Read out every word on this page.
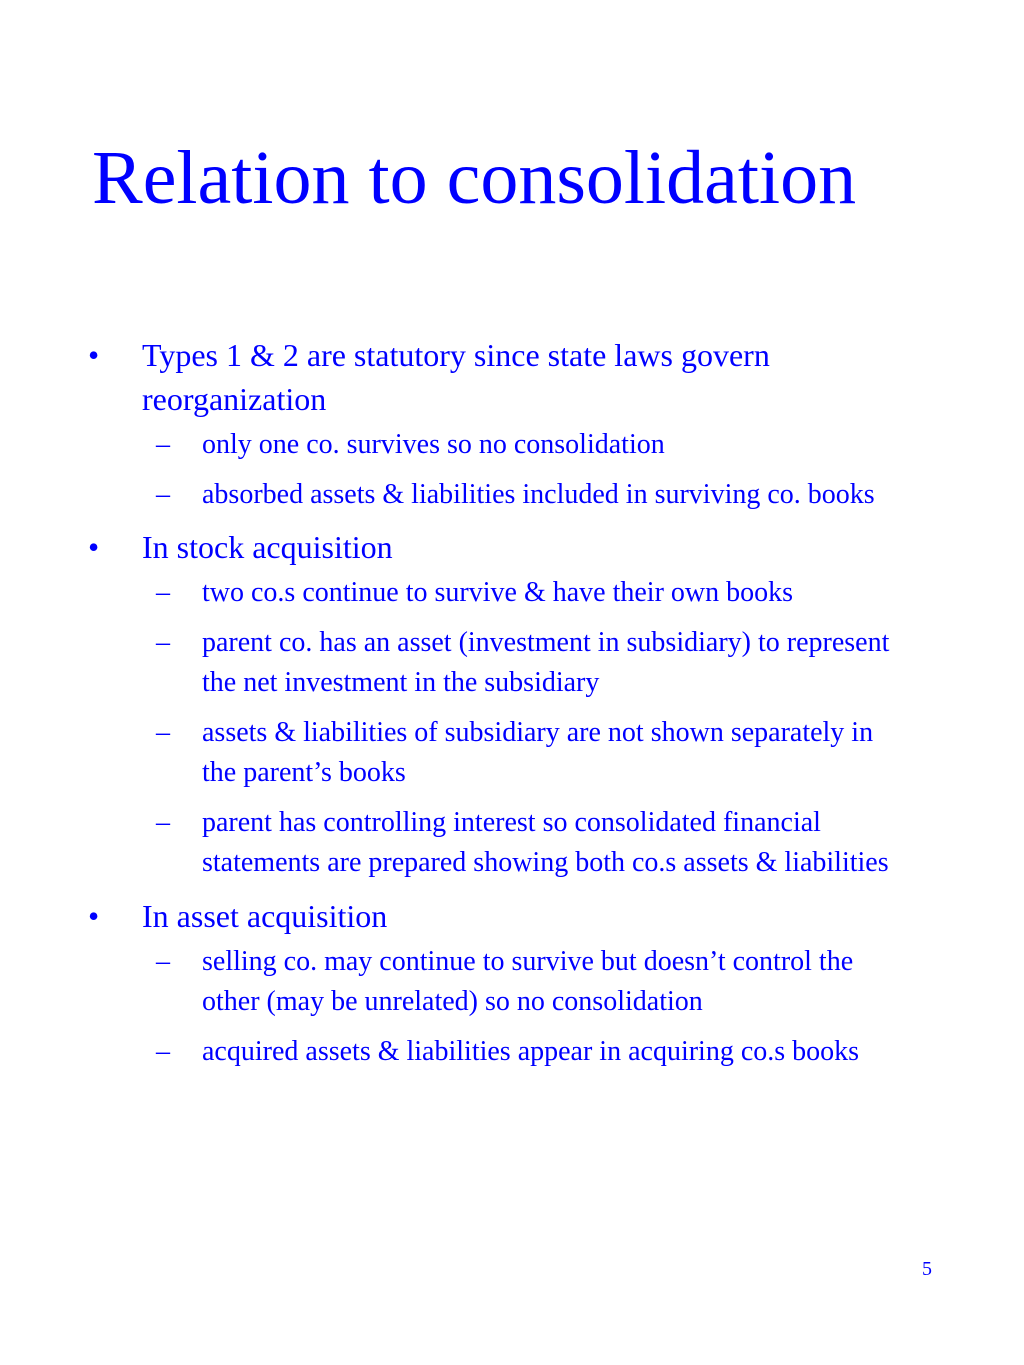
Relation to consolidation
• Types 1 & 2 are statutory since state laws govern reorganization
– only one co. survives so no consolidation
– absorbed assets & liabilities included in surviving co. books
• In stock acquisition
– two co.s continue to survive & have their own books
– parent co. has an asset (investment in subsidiary) to represent the net investment in the subsidiary
– assets & liabilities of subsidiary are not shown separately in the parent’s books
– parent has controlling interest so consolidated financial statements are prepared showing both co.s assets & liabilities
• In asset acquisition
– selling co. may continue to survive but doesn’t control the other (may be unrelated) so no consolidation
– acquired assets & liabilities appear in acquiring co.s books
5
